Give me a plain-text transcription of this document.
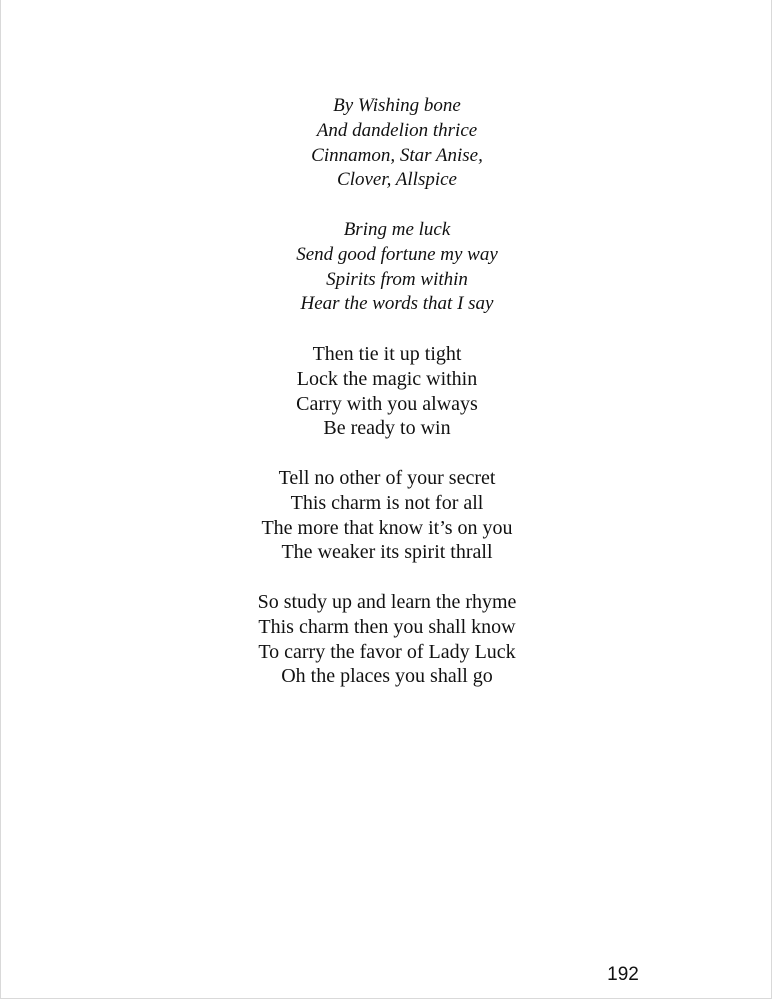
By Wishing bone
And dandelion thrice
Cinnamon, Star Anise,
Clover, Allspice
Bring me luck
Send good fortune my way
Spirits from within
Hear the words that I say
Then tie it up tight
Lock the magic within
Carry with you always
Be ready to win
Tell no other of your secret
This charm is not for all
The more that know it’s on you
The weaker its spirit thrall
So study up and learn the rhyme
This charm then you shall know
To carry the favor of Lady Luck
Oh the places you shall go
192
